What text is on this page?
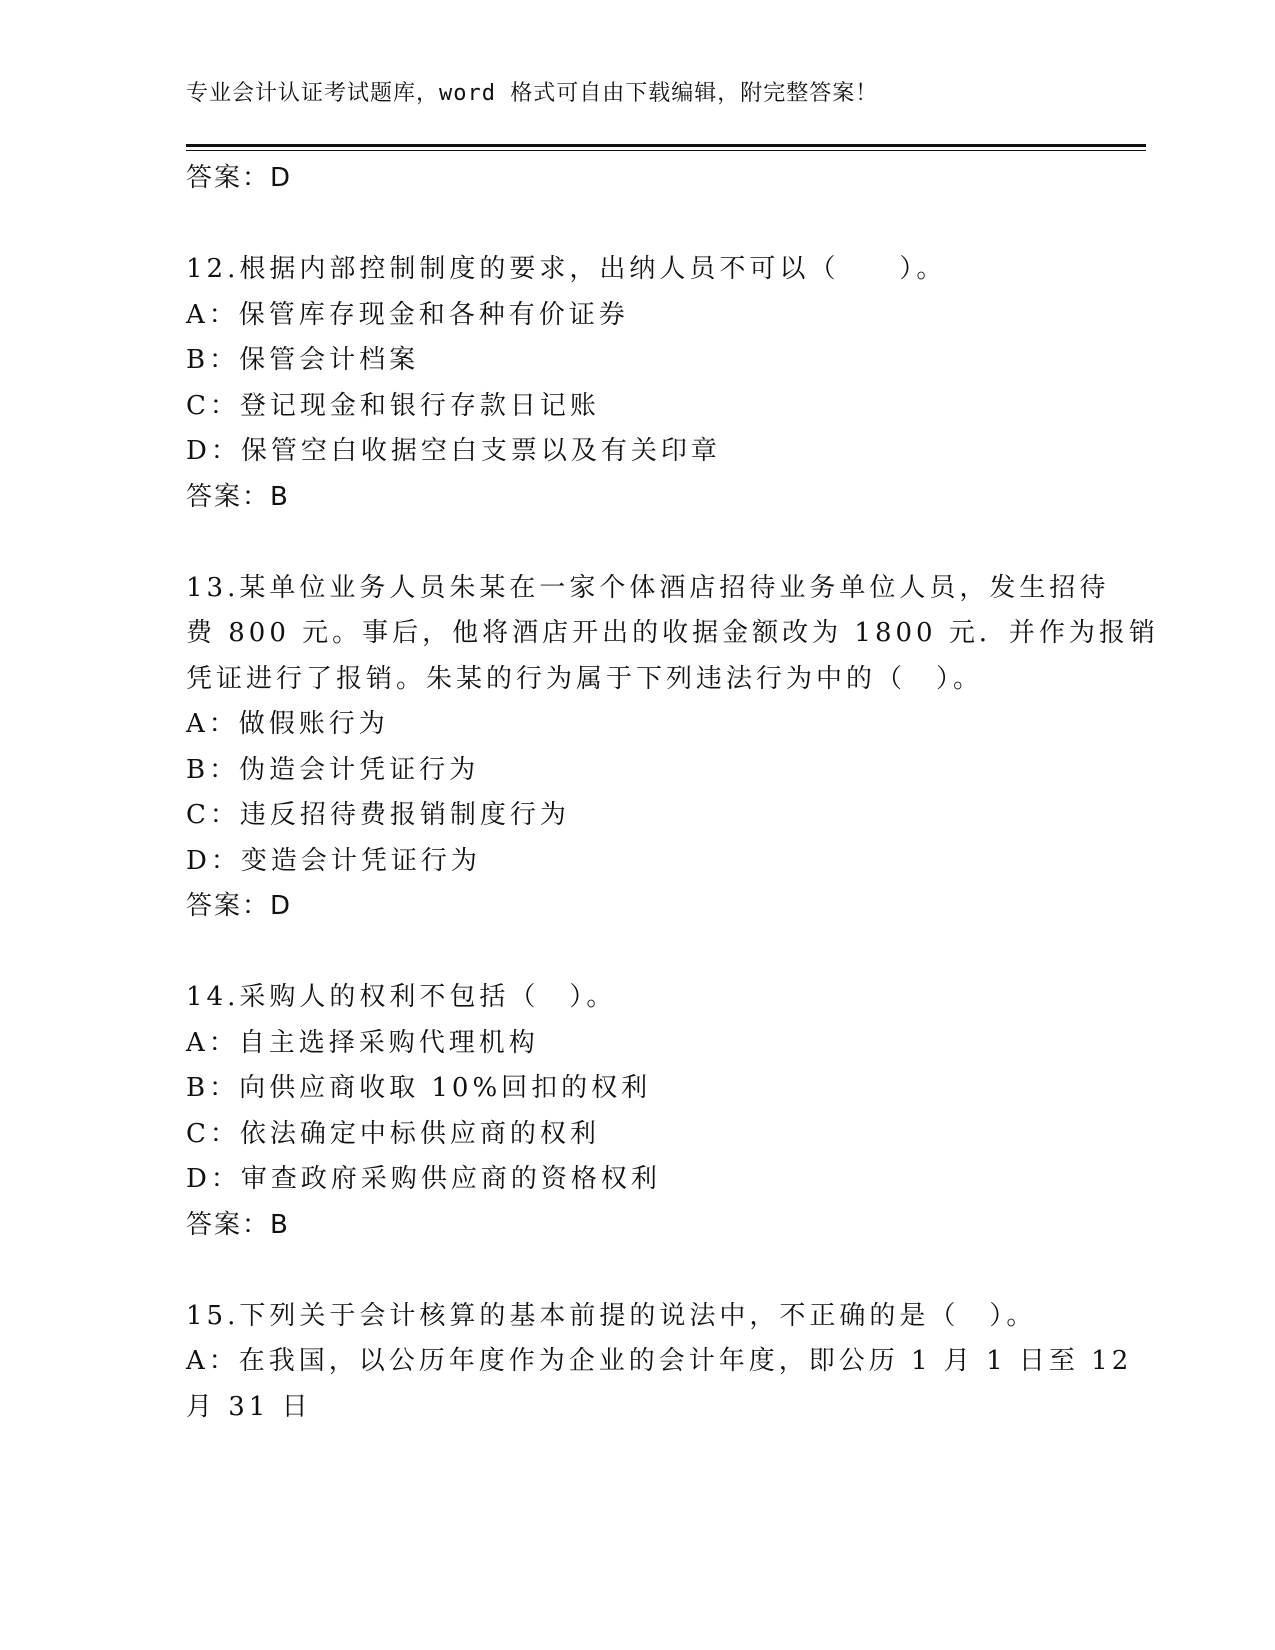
专业会计认证考试题库，word 格式可自由下载编辑，附完整答案！
答案：D
12.根据内部控制制度的要求，出纳人员不可以（　　）。
A：保管库存现金和各种有价证券
B：保管会计档案
C：登记现金和银行存款日记账
D：保管空白收据空白支票以及有关印章
答案：B
13.某单位业务人员朱某在一家个体酒店招待业务单位人员，发生招待
费 800 元。事后，他将酒店开出的收据金额改为 1800 元．并作为报销
凭证进行了报销。朱某的行为属于下列违法行为中的（　）。
A：做假账行为
B：伪造会计凭证行为
C：违反招待费报销制度行为
D：变造会计凭证行为
答案：D
14.采购人的权利不包括（　）。
A：自主选择采购代理机构
B：向供应商收取 10%回扣的权利
C：依法确定中标供应商的权利
D：审查政府采购供应商的资格权利
答案：B
15.下列关于会计核算的基本前提的说法中，不正确的是（　）。
A：在我国，以公历年度作为企业的会计年度，即公历 1 月 1 日至 12
月 31 日
